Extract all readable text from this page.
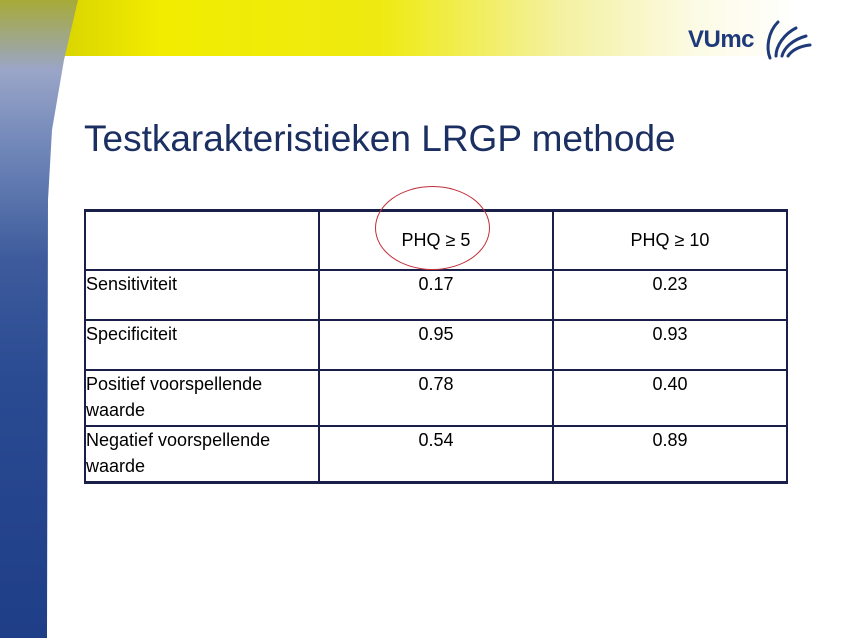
VUmc
Testkarakteristieken LRGP methode
	PHQ ≥ 5	PHQ ≥ 10
Sensitiviteit	0.17	0.23
Specificiteit	0.95	0.93
Positief voorspellende waarde	0.78	0.40
Negatief voorspellende waarde	0.54	0.89
